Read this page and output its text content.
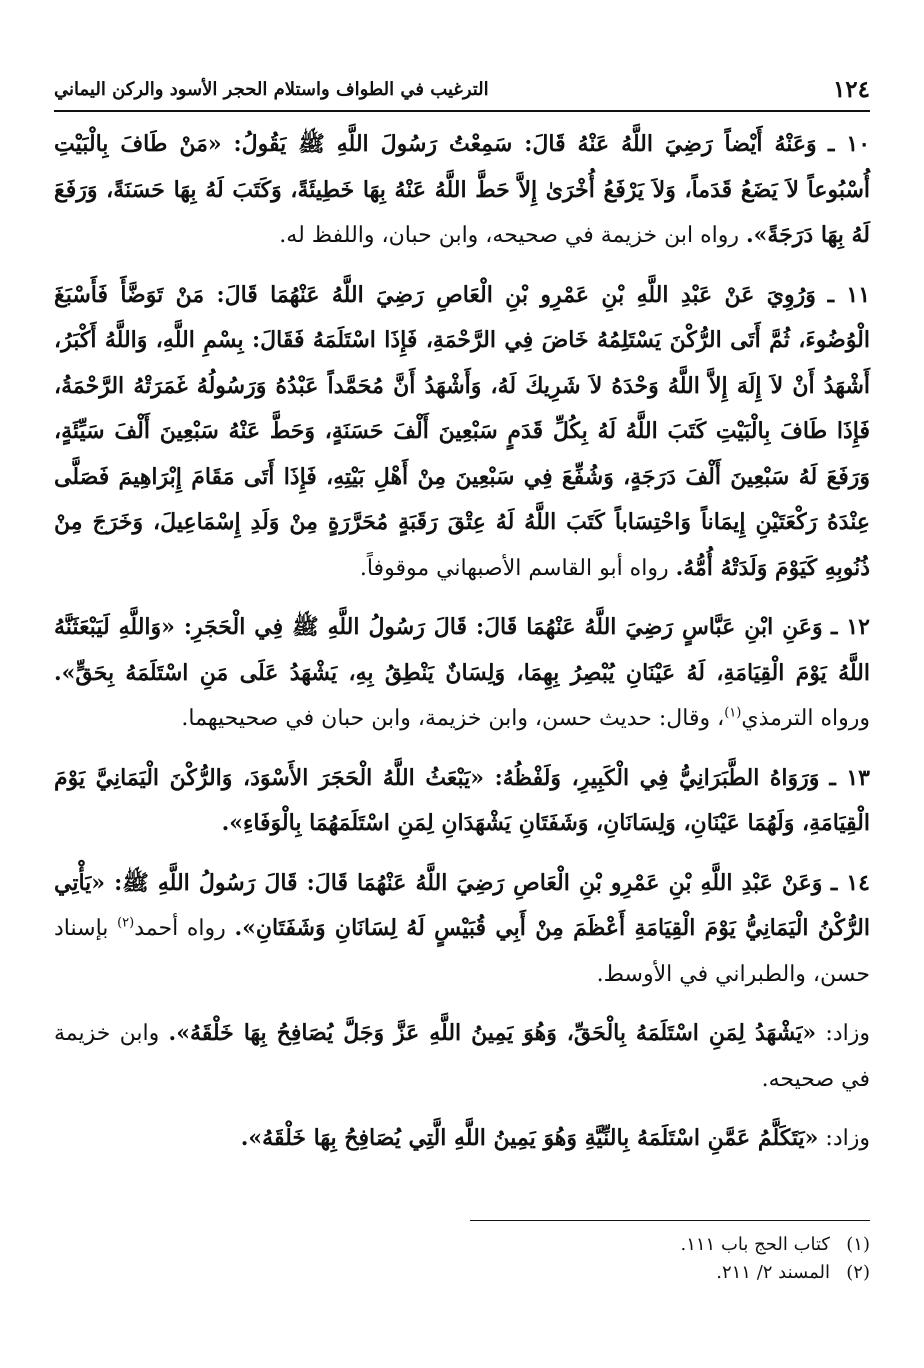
١٢٤
الترغيب في الطواف واستلام الحجر الأسود والركن اليماني

١٠ ـ وَعَنْهُ أَيْضاً رَضِيَ اللَّهُ عَنْهُ قَالَ: سَمِعْتُ رَسُولَ اللَّهِ ﷺ يَقُولُ: «مَنْ طَافَ بِالْبَيْتِ أُسْبُوعاً لاَ يَضَعُ قَدَماً، وَلاَ يَرْفَعُ أُخْرَىٰ إِلاَّ حَطَّ اللَّهُ عَنْهُ بِهَا خَطِيئَةً، وَكَتَبَ لَهُ بِهَا حَسَنَةً، وَرَفَعَ لَهُ بِهَا دَرَجَةً». رواه ابن خزيمة في صحيحه، وابن حبان، واللفظ له.

١١ ـ وَرُوِيَ عَنْ عَبْدِ اللَّهِ بْنِ عَمْرِو بْنِ الْعَاصِ رَضِيَ اللَّهُ عَنْهُمَا قَالَ: مَنْ تَوَضَّأَ فَأَسْبَغَ الْوُضُوءَ، ثُمَّ أَتَى الرُّكْنَ يَسْتَلِمُهُ خَاضَ فِي الرَّحْمَةِ، فَإِذَا اسْتَلَمَهُ فَقَالَ: بِسْمِ اللَّهِ، وَاللَّهُ أَكْبَرُ، أَشْهَدُ أَنْ لاَ إِلَهَ إِلاَّ اللَّهُ وَحْدَهُ لاَ شَرِيكَ لَهُ، وَأَشْهَدُ أَنَّ مُحَمَّداً عَبْدُهُ وَرَسُولُهُ غَمَرَتْهُ الرَّحْمَةُ، فَإِذَا طَافَ بِالْبَيْتِ كَتَبَ اللَّهُ لَهُ بِكُلِّ قَدَمٍ سَبْعِينَ أَلْفَ حَسَنَةٍ، وَحَطَّ عَنْهُ سَبْعِينَ أَلْفَ سَيِّئَةٍ، وَرَفَعَ لَهُ سَبْعِينَ أَلْفَ دَرَجَةٍ، وَشُفِّعَ فِي سَبْعِينَ مِنْ أَهْلِ بَيْتِهِ، فَإِذَا أَتَى مَقَامَ إِبْرَاهِيمَ فَصَلَّى عِنْدَهُ رَكْعَتَيْنِ إِيمَاناً وَاحْتِسَاباً كَتَبَ اللَّهُ لَهُ عِتْقَ رَقَبَةٍ مُحَرَّرَةٍ مِنْ وَلَدِ إِسْمَاعِيلَ، وَخَرَجَ مِنْ ذُنُوبِهِ كَيَوْمَ وَلَدَتْهُ أُمُّهُ. رواه أبو القاسم الأصبهاني موقوفاً.

١٢ ـ وَعَنِ ابْنِ عَبَّاسٍ رَضِيَ اللَّهُ عَنْهُمَا قَالَ: قَالَ رَسُولُ اللَّهِ ﷺ فِي الْحَجَرِ: «وَاللَّهِ لَيَبْعَثَنَّهُ اللَّهُ يَوْمَ الْقِيَامَةِ، لَهُ عَيْنَانِ يُبْصِرُ بِهِمَا، وَلِسَانٌ يَنْطِقُ بِهِ، يَشْهَدُ عَلَى مَنِ اسْتَلَمَهُ بِحَقٍّ». ورواه الترمذي$^{(١)}$، وقال: حديث حسن، وابن خزيمة، وابن حبان في صحيحيهما.

١٣ ـ وَرَوَاهُ الطَّبَرَانِيُّ فِي الْكَبِيرِ، وَلَفْظُهُ: «يَبْعَثُ اللَّهُ الْحَجَرَ الأَسْوَدَ، وَالرُّكْنَ الْيَمَانِيَّ يَوْمَ الْقِيَامَةِ، وَلَهُمَا عَيْنَانِ، وَلِسَانَانِ، وَشَفَتَانِ يَشْهَدَانِ لِمَنِ اسْتَلَمَهُمَا بِالْوَفَاءِ».

١٤ ـ وَعَنْ عَبْدِ اللَّهِ بْنِ عَمْرِو بْنِ الْعَاصِ رَضِيَ اللَّهُ عَنْهُمَا قَالَ: قَالَ رَسُولُ اللَّهِ ﷺ: «يَأْتِي الرُّكْنُ الْيَمَانِيُّ يَوْمَ الْقِيَامَةِ أَعْظَمَ مِنْ أَبِي قُبَيْسٍ لَهُ لِسَانَانِ وَشَفَتَانِ». رواه أحمد$^{(٢)}$ بإسناد حسن، والطبراني في الأوسط.

وزاد: «يَشْهَدُ لِمَنِ اسْتَلَمَهُ بِالْحَقِّ، وَهُوَ يَمِينُ اللَّهِ عَزَّ وَجَلَّ يُصَافِحُ بِهَا خَلْقَهُ». وابن خزيمة في صحيحه.

وزاد: «يَتَكَلَّمُ عَمَّنِ اسْتَلَمَهُ بِالنِّيَّةِ وَهُوَ يَمِينُ اللَّهِ الَّتِي يُصَافِحُ بِهَا خَلْقَهُ».

(١)كتاب الحج باب ١١١.
(٢)المسند ٢/ ٢١١.
